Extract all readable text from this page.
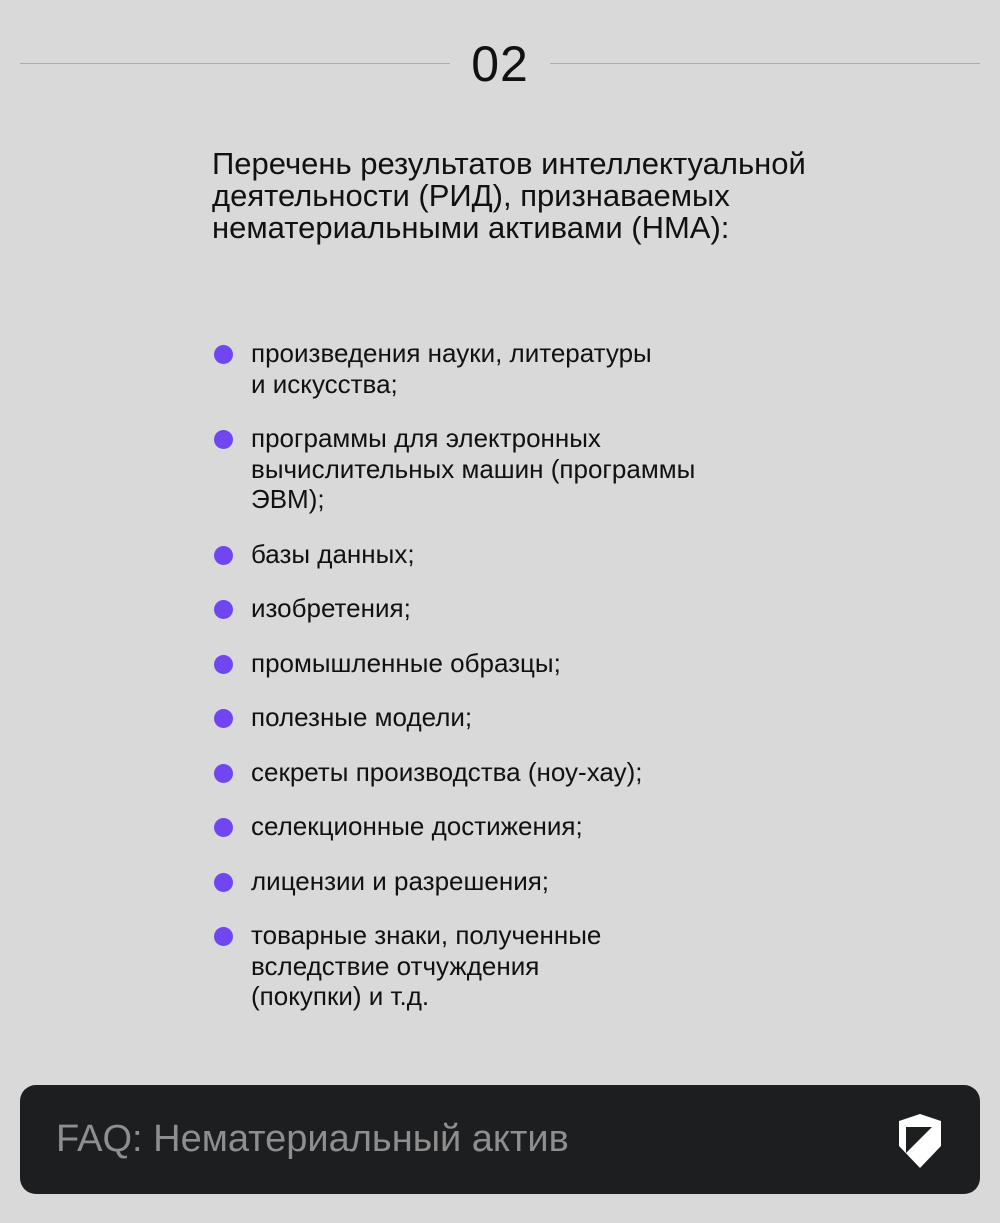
02
Перечень результатов интеллектуальной деятельности (РИД), признаваемых нематериальными активами (НМА):
произведения науки, литературы
и искусства;
программы для электронных
вычислительных машин (программы
ЭВМ);
базы данных;
изобретения;
промышленные образцы;
полезные модели;
секреты производства (ноу-хау);
селекционные достижения;
лицензии и разрешения;
товарные знаки, полученные
вследствие отчуждения
(покупки) и т.д.
FAQ: Нематериальный актив
